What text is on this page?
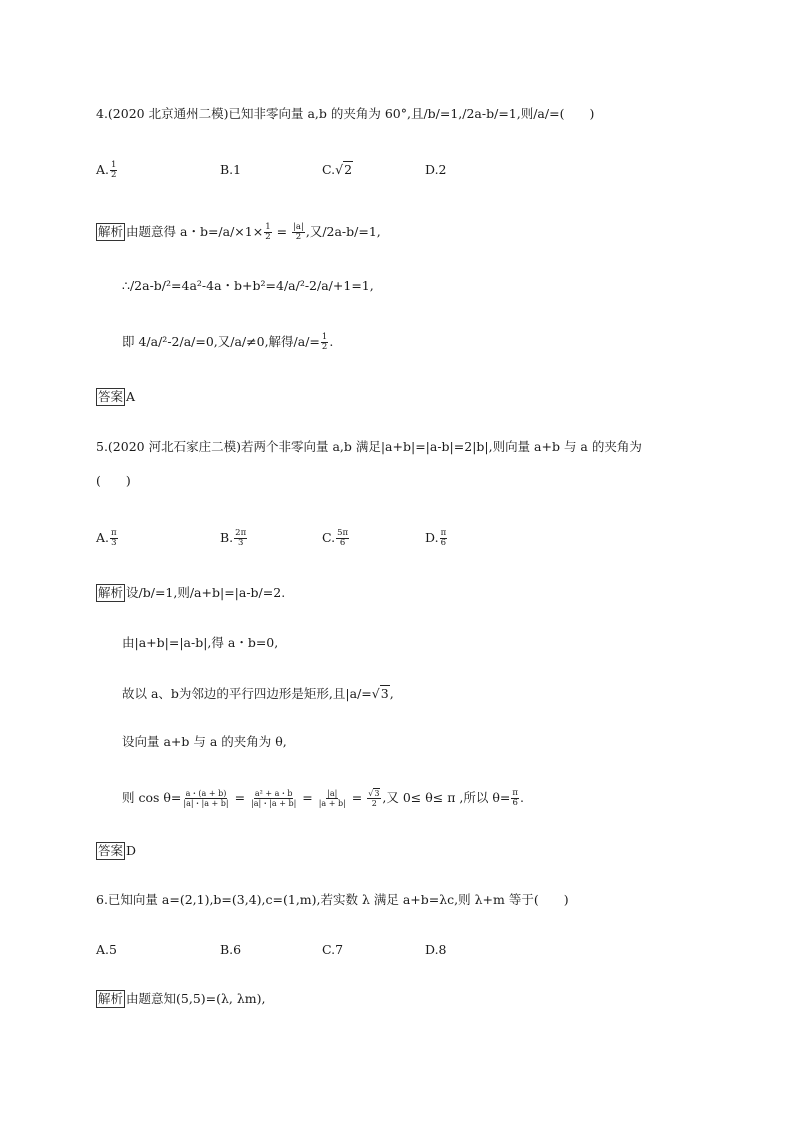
4.(2020 北京通州二模)已知非零向量 a,b 的夹角为 60°,且/b/=1,/2a-b/=1,则/a/=(　　)
A. $\frac{1}{2}$	B.1	C.√2	D.2
解析 由题意得 a・$b=/a/\times 1\times \frac{1}{2} = \frac{|a|}{2}$ ,又/2a-b/=1,
∴/2a-b/²=4a²-4a・b+b²=4/a/²-2/a/+1=1,
即 4/a/²-2/a/=0,又/a/≠0,解得$/a/= \frac{1}{2}$ .
答案 A
5.(2020 河北石家庄二模)若两个非零向量 a,b 满足|a+b|=|a-b|=2|b|,则向量 a+b 与 a 的夹角为
(　　)
A. $\frac{\pi}{3}$	B. $\frac{2\pi}{3}$	C. $\frac{5\pi}{6}$	D. $\frac{\pi}{6}$
解析 设/b/=1,则/a+b|=|a-b/=2.
由|a+b|=|a-b|,得 a・b=0,
故以 a、b为邻边的平行四边形是矩形,且|a/=√3,
设向量 a+b 与 a 的夹角为 θ,
则 $\cos \theta= \frac{a・(a + b)}{|a|・|a + b|} = \frac{\text{a² + a・b}}{|a|・|a + b|} = \frac{|a|}{|a + b|} = \frac{√3}{2}$ ,又 0≤ θ≤ π ,所以 $\theta= \frac{\pi}{6}$ .
答案 D
6.已知向量 a=(2,1),b=(3,4),c=(1,m),若实数 λ 满足 a+b=λc,则 λ+m 等于(　　)
A.5	B.6	C.7	D.8
解析 由题意知(5,5)=(λ, λm),
